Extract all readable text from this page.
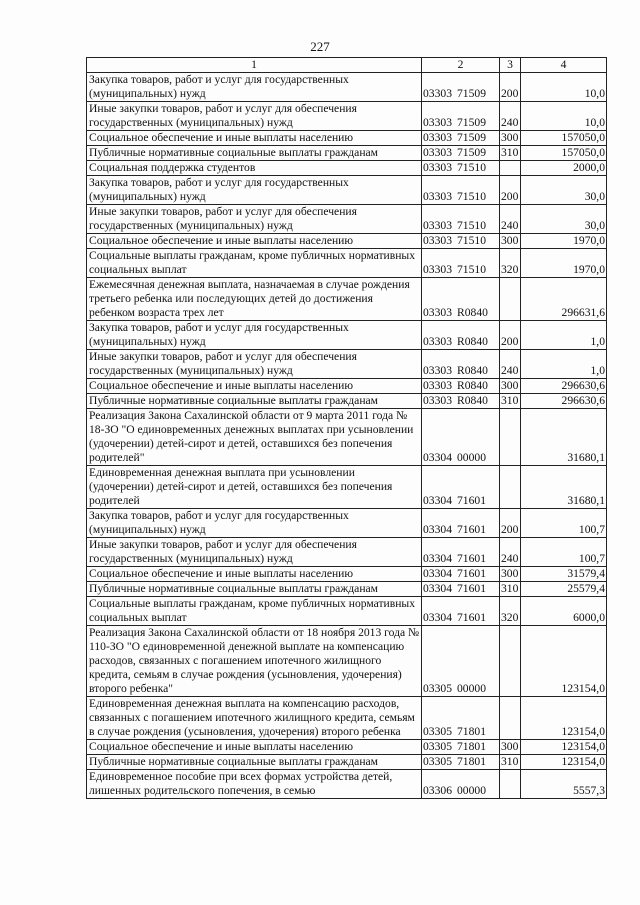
227
1	2	3	4
Закупка товаров, работ и услуг для государственных (муниципальных) нужд	03303 71509	200	10,0
Иные закупки товаров, работ и услуг для обеспечения государственных (муниципальных) нужд	03303 71509	240	10,0
Социальное обеспечение и иные выплаты населению	03303 71509	300	157050,0
Публичные нормативные социальные выплаты гражданам	03303 71509	310	157050,0
Социальная поддержка студентов	03303 71510		2000,0
Закупка товаров, работ и услуг для государственных (муниципальных) нужд	03303 71510	200	30,0
Иные закупки товаров, работ и услуг для обеспечения государственных (муниципальных) нужд	03303 71510	240	30,0
Социальное обеспечение и иные выплаты населению	03303 71510	300	1970,0
Социальные выплаты гражданам, кроме публичных нормативных социальных выплат	03303 71510	320	1970,0
Ежемесячная денежная выплата, назначаемая в случае рождения третьего ребенка или последующих детей до достижения ребенком возраста трех лет	03303 R0840		296631,6
Закупка товаров, работ и услуг для государственных (муниципальных) нужд	03303 R0840	200	1,0
Иные закупки товаров, работ и услуг для обеспечения государственных (муниципальных) нужд	03303 R0840	240	1,0
Социальное обеспечение и иные выплаты населению	03303 R0840	300	296630,6
Публичные нормативные социальные выплаты гражданам	03303 R0840	310	296630,6
Реализация Закона Сахалинской области от 9 марта 2011 года № 18-ЗО "О единовременных денежных выплатах при усыновлении (удочерении) детей-сирот и детей, оставшихся без попечения родителей"	03304 00000		31680,1
Единовременная денежная выплата при усыновлении (удочерении) детей-сирот и детей, оставшихся без попечения родителей	03304 71601		31680,1
Закупка товаров, работ и услуг для государственных (муниципальных) нужд	03304 71601	200	100,7
Иные закупки товаров, работ и услуг для обеспечения государственных (муниципальных) нужд	03304 71601	240	100,7
Социальное обеспечение и иные выплаты населению	03304 71601	300	31579,4
Публичные нормативные социальные выплаты гражданам	03304 71601	310	25579,4
Социальные выплаты гражданам, кроме публичных нормативных социальных выплат	03304 71601	320	6000,0
Реализация Закона Сахалинской области от 18 ноября 2013 года № 110-ЗО "О единовременной денежной выплате на компенсацию расходов, связанных с погашением ипотечного жилищного кредита, семьям в случае рождения (усыновления, удочерения) второго ребенка"	03305 00000		123154,0
Единовременная денежная выплата на компенсацию расходов, связанных с погашением ипотечного жилищного кредита, семьям в случае рождения (усыновления, удочерения) второго ребенка	03305 71801		123154,0
Социальное обеспечение и иные выплаты населению	03305 71801	300	123154,0
Публичные нормативные социальные выплаты гражданам	03305 71801	310	123154,0
Единовременное пособие при всех формах устройства детей, лишенных родительского попечения, в семью	03306 00000		5557,3
